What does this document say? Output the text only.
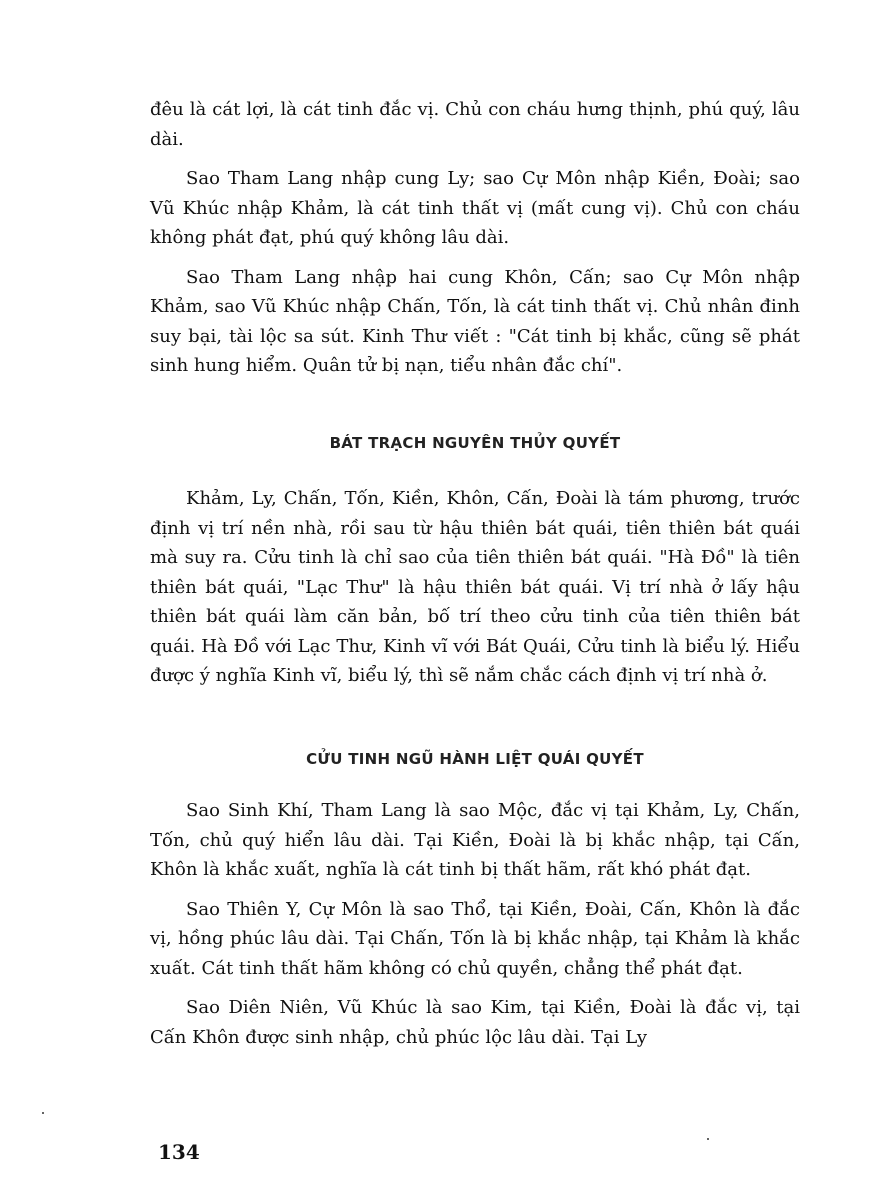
đêu là cát lợi, là cát tinh đắc vị. Chủ con cháu hưng thịnh, phú quý, lâu dài.

Sao Tham Lang nhập cung Ly; sao Cự Môn nhập Kiền, Đoài; sao Vũ Khúc nhập Khảm, là cát tinh thất vị (mất cung vị). Chủ con cháu không phát đạt, phú quý không lâu dài.

Sao Tham Lang nhập hai cung Khôn, Cấn; sao Cự Môn nhập Khảm, sao Vũ Khúc nhập Chấn, Tốn, là cát tinh thất vị. Chủ nhân đinh suy bại, tài lộc sa sút. Kinh Thư viết : "Cát tinh bị khắc, cũng sẽ phát sinh hung hiểm. Quân tử bị nạn, tiểu nhân đắc chí".

BÁT TRẠCH NGUYÊN THỦY QUYẾT

Khảm, Ly, Chấn, Tốn, Kiền, Khôn, Cấn, Đoài là tám phương, trước định vị trí nền nhà, rồi sau từ hậu thiên bát quái, tiên thiên bát quái mà suy ra. Cửu tinh là chỉ sao của tiên thiên bát quái. "Hà Đồ" là tiên thiên bát quái, "Lạc Thư" là hậu thiên bát quái. Vị trí nhà ở lấy hậu thiên bát quái làm căn bản, bố trí theo cửu tinh của tiên thiên bát quái. Hà Đồ với Lạc Thư, Kinh vĩ với Bát Quái, Cửu tinh là biểu lý. Hiểu được ý nghĩa Kinh vĩ, biểu lý, thì sẽ nắm chắc cách định vị trí nhà ở.

CỬU TINH NGŨ HÀNH LIỆT QUÁI QUYẾT

Sao Sinh Khí, Tham Lang là sao Mộc, đắc vị tại Khảm, Ly, Chấn, Tốn, chủ quý hiển lâu dài. Tại Kiền, Đoài là bị khắc nhập, tại Cấn, Khôn là khắc xuất, nghĩa là cát tinh bị thất hãm, rất khó phát đạt.

Sao Thiên Y, Cự Môn là sao Thổ, tại Kiền, Đoài, Cấn, Khôn là đắc vị, hồng phúc lâu dài. Tại Chấn, Tốn là bị khắc nhập, tại Khảm là khắc xuất. Cát tinh thất hãm không có chủ quyền, chẳng thể phát đạt.

Sao Diên Niên, Vũ Khúc là sao Kim, tại Kiền, Đoài là đắc vị, tại Cấn Khôn được sinh nhập, chủ phúc lộc lâu dài. Tại Ly

134
